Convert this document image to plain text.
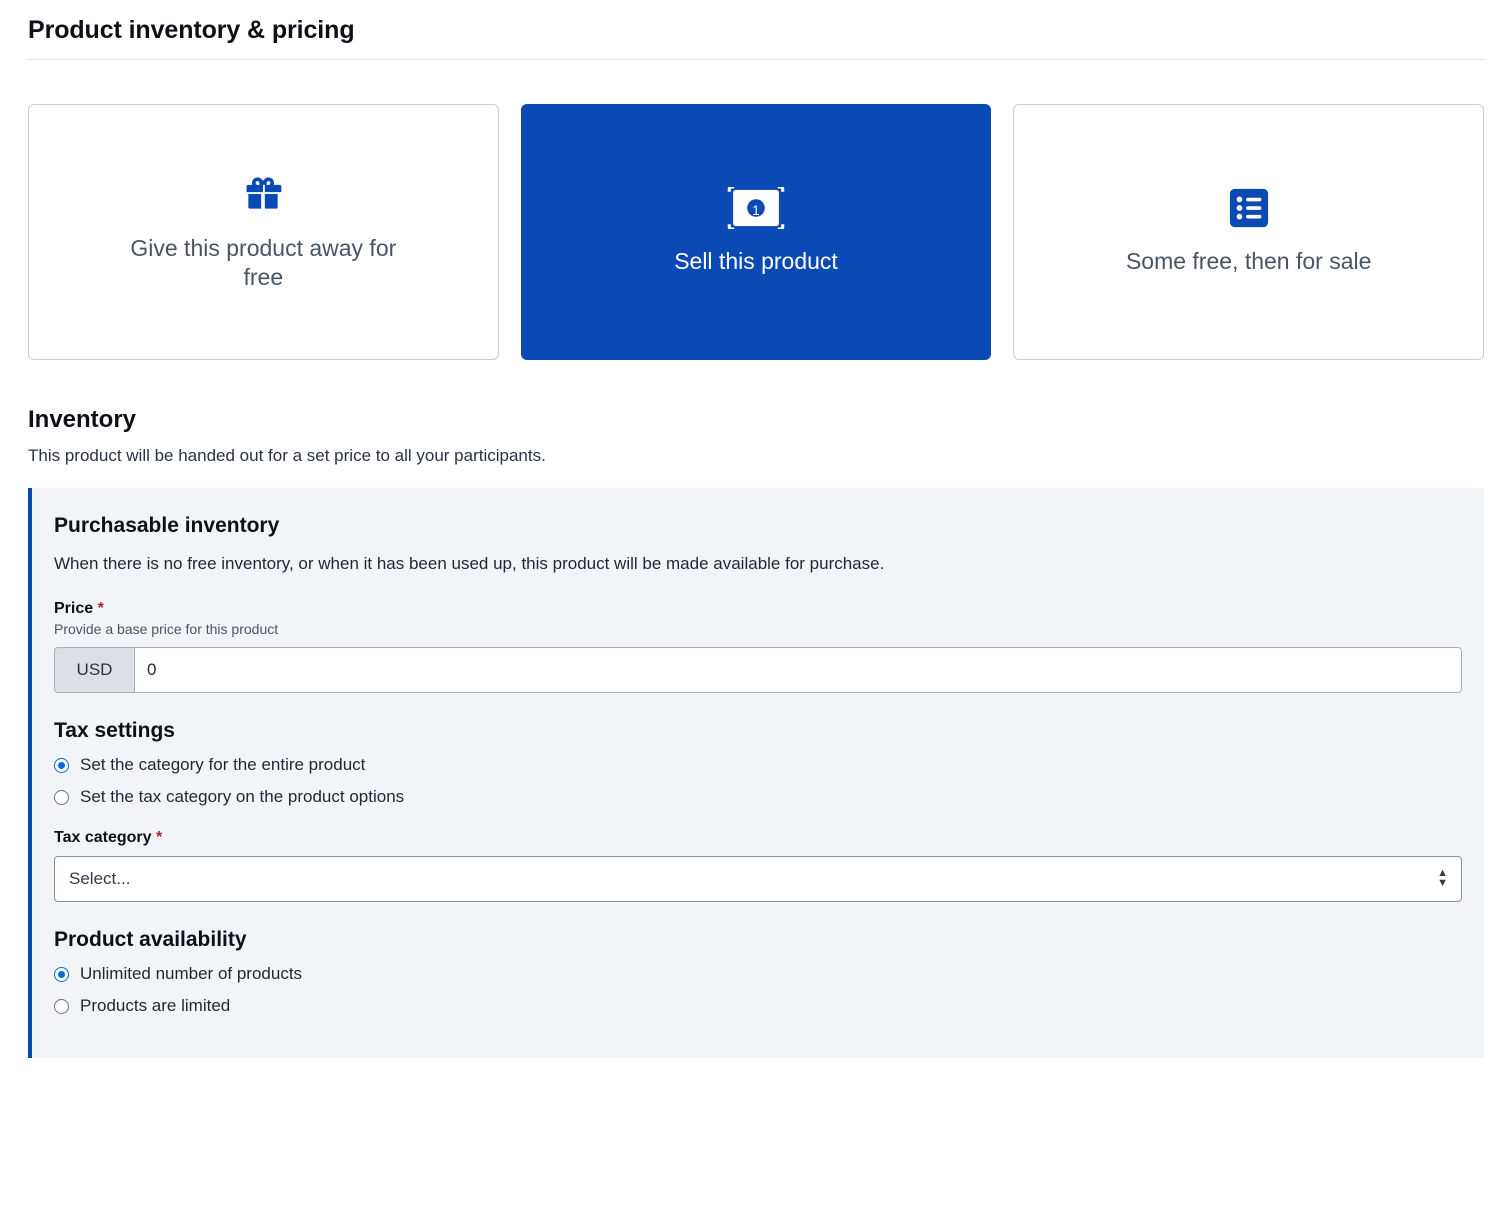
Product inventory & pricing
Give this product away for free
1
Sell this product	Some free, then for sale
Inventory

This product will be handed out for a set price to all your participants.

Purchasable inventory

When there is no free inventory, or when it has been used up, this product will be made available for purchase.

Price *
Provide a base price for this product
USD
0
Tax settings
Set the category for the entire product
Set the tax category on the product options
Tax category *
Select...	▲
▼
Product availability
Unlimited number of products
Products are limited
